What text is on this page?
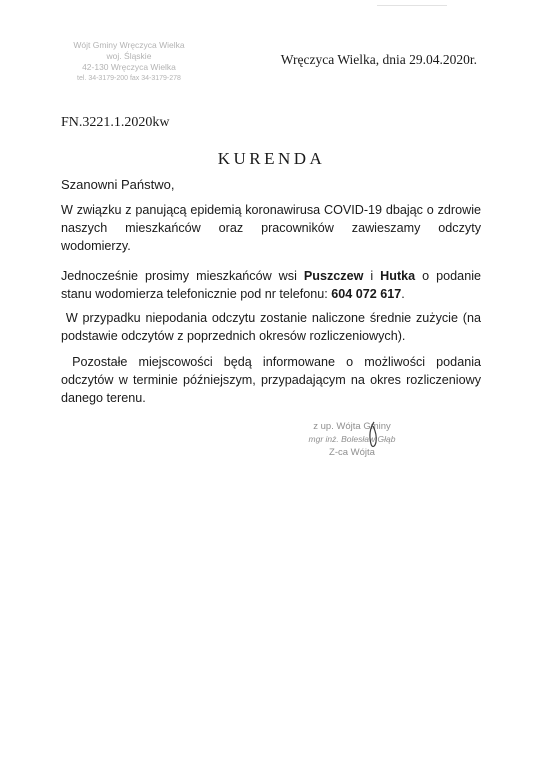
Wójt Gminy Wręczyca Wielka
woj. Śląskie
42-130 Wręczyca Wielka
tel. 34-3179-200 fax 34-3179-278
Wręczyca Wielka, dnia 29.04.2020r.
FN.3221.1.2020kw
KURENDA
Szanowni Państwo,
W związku z panującą epidemią koronawirusa COVID-19 dbając o zdrowie naszych mieszkańców oraz pracowników zawieszamy odczyty wodomierzy.
Jednocześnie prosimy mieszkańców wsi Puszczew i Hutka o podanie stanu wodomierza telefonicznie pod nr telefonu: 604 072 617.
W przypadku niepodania odczytu zostanie naliczone średnie zużycie (na podstawie odczytów z poprzednich okresów rozliczeniowych).
Pozostałe miejscowości będą informowane o możliwości podania odczytów w terminie późniejszym, przypadającym na okres rozliczeniowy danego terenu.
z up. Wójta Gminy
mgr inż. Bolesław Głąb
Z-ca Wójta
